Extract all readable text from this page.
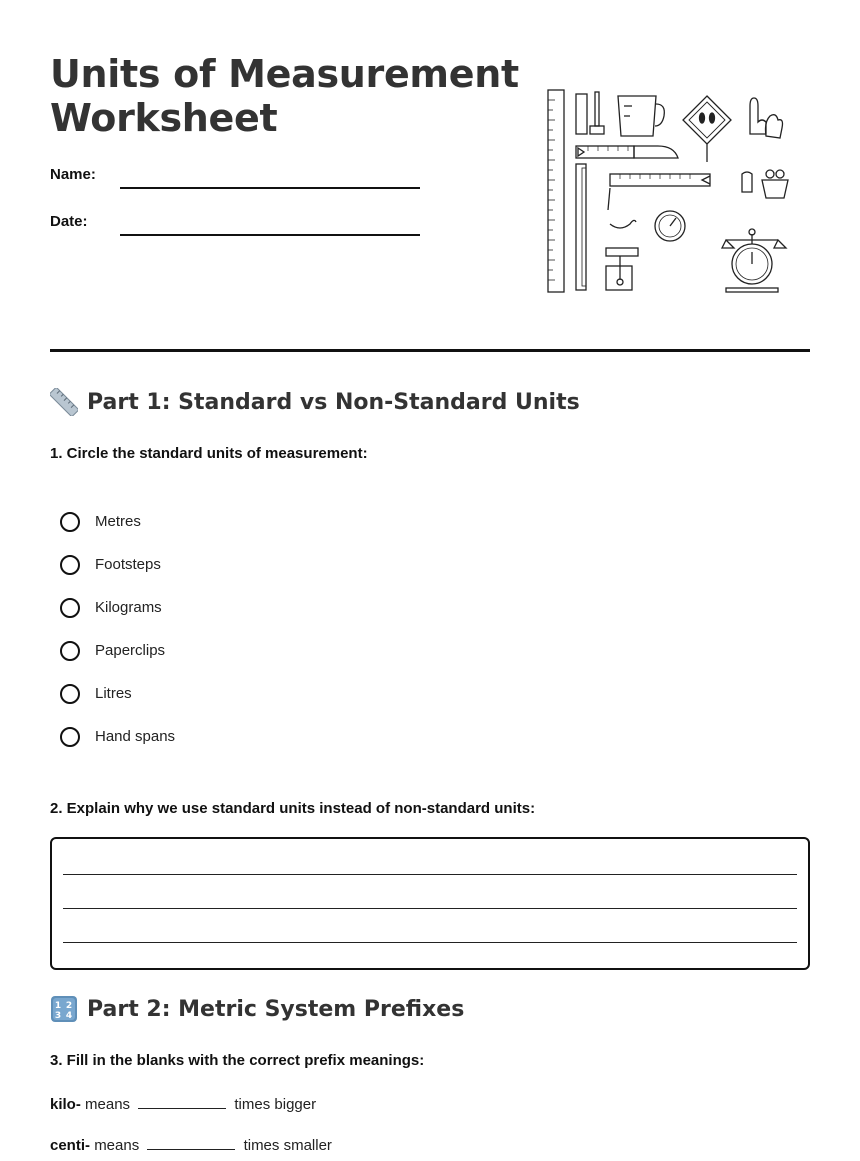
Units of Measurement
Worksheet
Name:
Date:
Part 1: Standard vs Non-Standard Units
1. Circle the standard units of measurement:
Metres
Footsteps
Kilograms
Paperclips
Litres
Hand spans
2. Explain why we use standard units instead of non-standard units:
1 2
3 4 Part 2: Metric System Prefixes
3. Fill in the blanks with the correct prefix meanings:
kilo- means	times bigger
centi- means	times smaller
